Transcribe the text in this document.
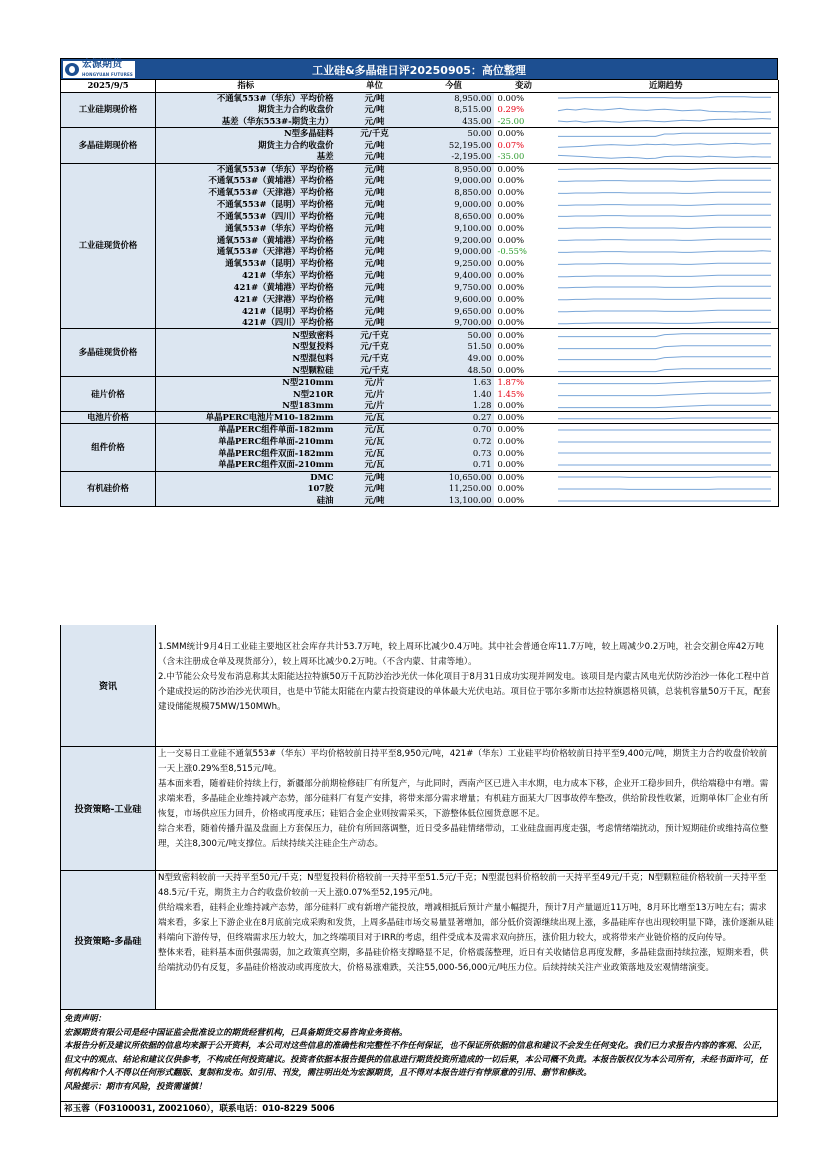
宏源期货
HONGYUAN FUTURES	工业硅&多晶硅日评20250905：高位整理
2025/9/5	指标	单位	今值	变动	近期趋势
工业硅期现价格	不通氧553#（华东）平均价格	元/吨	8,950.00	0.00%	

	期货主力合约收盘价	元/吨	8,515.00	0.29%	

	基差（华东553#-期货主力）	元/吨	435.00	-25.00	

多晶硅期现价格	N型多晶硅料	元/千克	50.00	0.00%	

	期货主力合约收盘价	元/吨	52,195.00	0.07%	

	基差	元/吨	-2,195.00	-35.00	

工业硅现货价格	不通氧553#（华东）平均价格	元/吨	8,950.00	0.00%	

	不通氧553#（黄埔港）平均价格	元/吨	9,000.00	0.00%	

	不通氧553#（天津港）平均价格	元/吨	8,850.00	0.00%	

	不通氧553#（昆明）平均价格	元/吨	9,000.00	0.00%	

	不通氧553#（四川）平均价格	元/吨	8,650.00	0.00%	

	通氧553#（华东）平均价格	元/吨	9,100.00	0.00%	

	通氧553#（黄埔港）平均价格	元/吨	9,200.00	0.00%	

	通氧553#（天津港）平均价格	元/吨	9,000.00	-0.55%	

	通氧553#（昆明）平均价格	元/吨	9,250.00	0.00%	

	421#（华东）平均价格	元/吨	9,400.00	0.00%	

	421#（黄埔港）平均价格	元/吨	9,750.00	0.00%	

	421#（天津港）平均价格	元/吨	9,600.00	0.00%	

	421#（昆明）平均价格	元/吨	9,650.00	0.00%	

	421#（四川）平均价格	元/吨	9,700.00	0.00%	

多晶硅现货价格	N型致密料	元/千克	50.00	0.00%	

	N型复投料	元/千克	51.50	0.00%	

	N型混包料	元/千克	49.00	0.00%	

	N型颗粒硅	元/千克	48.50	0.00%	

硅片价格	N型210mm	元/片	1.63	1.87%	

	N型210R	元/片	1.40	1.45%	

	N型183mm	元/片	1.28	0.00%	

电池片价格	单晶PERC电池片M10-182mm	元/瓦	0.27	0.00%	

组件价格	单晶PERC组件单面-182mm	元/瓦	0.70	0.00%	

	单晶PERC组件单面-210mm	元/瓦	0.72	0.00%	

	单晶PERC组件双面-182mm	元/瓦	0.73	0.00%	

	单晶PERC组件双面-210mm	元/瓦	0.71	0.00%	

有机硅价格	DMC	元/吨	10,650.00	0.00%	

	107胶	元/吨	11,250.00	0.00%	

	硅油	元/吨	13,100.00	0.00%	
资讯

1.SMM统计9月4日工业硅主要地区社会库存共计53.7万吨，较上周环比减少0.4万吨。其中社会普通仓库11.7万吨，较上周减少0.2万吨，社会交割仓库42万吨（含未注册成仓单及现货部分），较上周环比减少0.2万吨。（不含内蒙、甘肃等地）。

2.中节能公众号发布消息称其太阳能达拉特旗50万千瓦防沙治沙光伏一体化项目于8月31日成功实现并网发电。该项目是内蒙古风电光伏防沙治沙一体化工程中首个建成投运的防沙治沙光伏项目，也是中节能太阳能在内蒙古投资建设的单体最大光伏电站。项目位于鄂尔多斯市达拉特旗恩格贝镇，总装机容量50万千瓦，配套建设储能规模75MW/150MWh。

投资策略-工业硅

上一交易日工业硅不通氧553#（华东）平均价格较前日持平至8,950元/吨，421#（华东）工业硅平均价格较前日持平至9,400元/吨，期货主力合约收盘价较前一天上涨0.29%至8,515元/吨。

基本面来看，随着硅价持续上行，新疆部分前期检修硅厂有所复产，与此同时，西南产区已进入丰水期，电力成本下移，企业开工稳步回升，供给端稳中有增。需求端来看，多晶硅企业维持减产态势，部分硅料厂有复产安排，将带来部分需求增量；有机硅方面某大厂因事故停车整改，供给阶段性收紧，近期单体厂企业有所恢复，市场供应压力回升，价格或再度承压；硅铝合金企业则按需采买，下游整体低位囤货意愿不足。

综合来看，随着传播升温及盘面上方套保压力，硅价有所回落调整，近日受多晶硅情绪带动，工业硅盘面再度走强，考虑情绪端扰动，预计短期硅价或维持高位整理，关注8,300元/吨支撑位。后续持续关注硅企生产动态。

投资策略-多晶硅

N型致密料较前一天持平至50元/千克；N型复投料价格较前一天持平至51.5元/千克；N型混包料价格较前一天持平至49元/千克；N型颗粒硅价格较前一天持平至48.5元/千克，期货主力合约收盘价较前一天上涨0.07%至52,195元/吨。

供给端来看，硅料企业维持减产态势，部分硅料厂或有新增产能投放，增减相抵后预计产量小幅提升，预计7月产量逼近11万吨，8月环比增至13万吨左右；需求端来看，多家上下游企业在8月底前完成采购和发货，上周多晶硅市场交易量显著增加，部分低价资源继续出现上涨，多晶硅库存也出现较明显下降，涨价逐渐从硅料端向下游传导，但终端需求压力较大，加之终端项目对于IRR的考虑，组件受成本及需求双向挤压，涨价阻力较大，或将带来产业链价格的反向传导。

整体来看，硅料基本面供强需弱，加之政策真空期，多晶硅价格支撑略显不足，价格震荡整理，近日有关收储信息再度发酵，多晶硅盘面持续拉涨，短期来看，供给端扰动仍有反复，多晶硅价格波动或再度放大，价格易涨难跌，关注55,000-56,000元/吨压力位。后续持续关注产业政策落地及宏观情绪演变。

免责声明：
宏源期货有限公司是经中国证监会批准设立的期货经营机构，已具备期货交易咨询业务资格。
本报告分析及建议所依据的信息均来源于公开资料，本公司对这些信息的准确性和完整性不作任何保证，也不保证所依据的信息和建议不会发生任何变化。我们已力求报告内容的客观、公正，但文中的观点、结论和建议仅供参考，不构成任何投资建议。投资者依据本报告提供的信息进行期货投资所造成的一切后果，本公司概不负责。本报告版权仅为本公司所有，未经书面许可，任何机构和个人不得以任何形式翻版、复制和发布。如引用、刊发，需注明出处为宏源期货，且不得对本报告进行有悖原意的引用、删节和修改。
风险提示：期市有风险，投资需谨慎！
祁玉蓉（F03100031, Z0021060），联系电话：010-8229 5006
